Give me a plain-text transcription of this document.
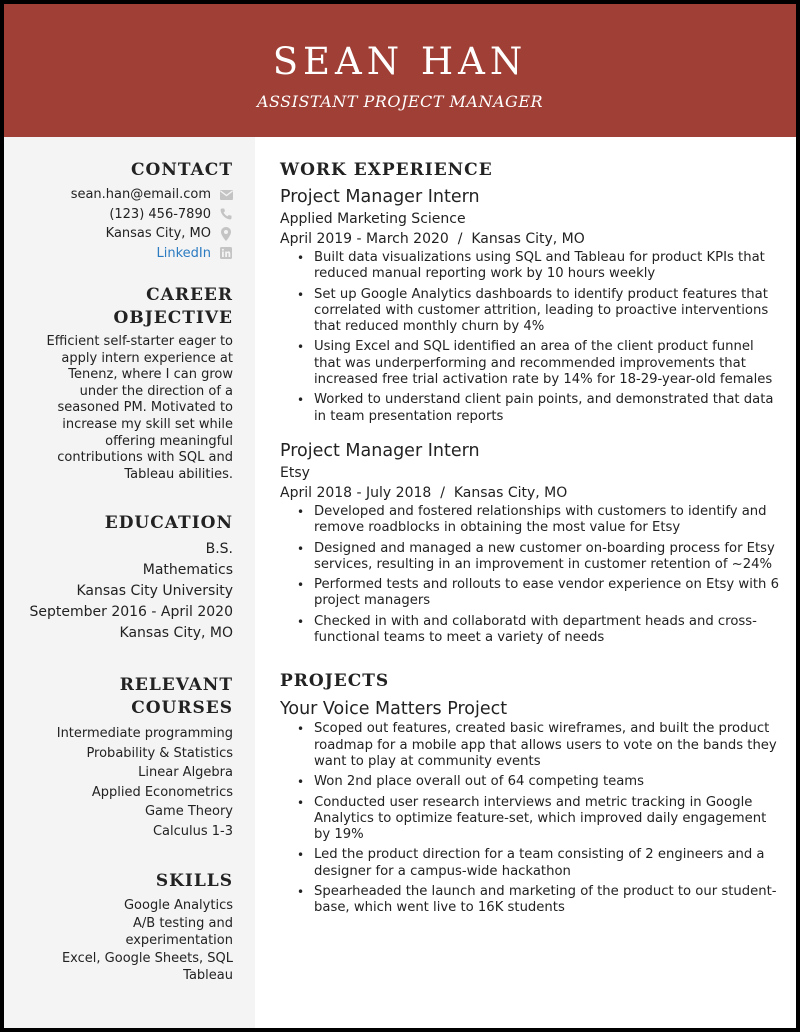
SEAN HAN
ASSISTANT PROJECT MANAGER
CONTACT
sean.han@email.com
(123) 456-7890
Kansas City, MO
LinkedIn
CAREER
OBJECTIVE
Efficient self-starter eager to apply intern experience at Tenenz, where I can grow under the direction of a seasoned PM. Motivated to increase my skill set while offering meaningful contributions with SQL and Tableau abilities.
EDUCATION
B.S.
Mathematics
Kansas City University
September 2016 - April 2020
Kansas City, MO
RELEVANT
COURSES
Intermediate programming
Probability & Statistics
Linear Algebra
Applied Econometrics
Game Theory
Calculus 1-3
SKILLS
Google Analytics
A/B testing and
experimentation
Excel, Google Sheets, SQL
Tableau
WORK EXPERIENCE
Project Manager Intern
Applied Marketing Science
April 2019 - March 2020 / Kansas City, MO
• Built data visualizations using SQL and Tableau for product KPIs that reduced manual reporting work by 10 hours weekly
• Set up Google Analytics dashboards to identify product features that correlated with customer attrition, leading to proactive interventions that reduced monthly churn by 4%
• Using Excel and SQL identified an area of the client product funnel that was underperforming and recommended improvements that increased free trial activation rate by 14% for 18-29-year-old females
• Worked to understand client pain points, and demonstrated that data in team presentation reports
Project Manager Intern
Etsy
April 2018 - July 2018 / Kansas City, MO
• Developed and fostered relationships with customers to identify and remove roadblocks in obtaining the most value for Etsy
• Designed and managed a new customer on-boarding process for Etsy services, resulting in an improvement in customer retention of ~24%
• Performed tests and rollouts to ease vendor experience on Etsy with 6 project managers
• Checked in with and collaboratd with department heads and cross-functional teams to meet a variety of needs
PROJECTS
Your Voice Matters Project
• Scoped out features, created basic wireframes, and built the product roadmap for a mobile app that allows users to vote on the bands they want to play at community events
• Won 2nd place overall out of 64 competing teams
• Conducted user research interviews and metric tracking in Google Analytics to optimize feature-set, which improved daily engagement by 19%
• Led the product direction for a team consisting of 2 engineers and a designer for a campus-wide hackathon
• Spearheaded the launch and marketing of the product to our student-base, which went live to 16K students
